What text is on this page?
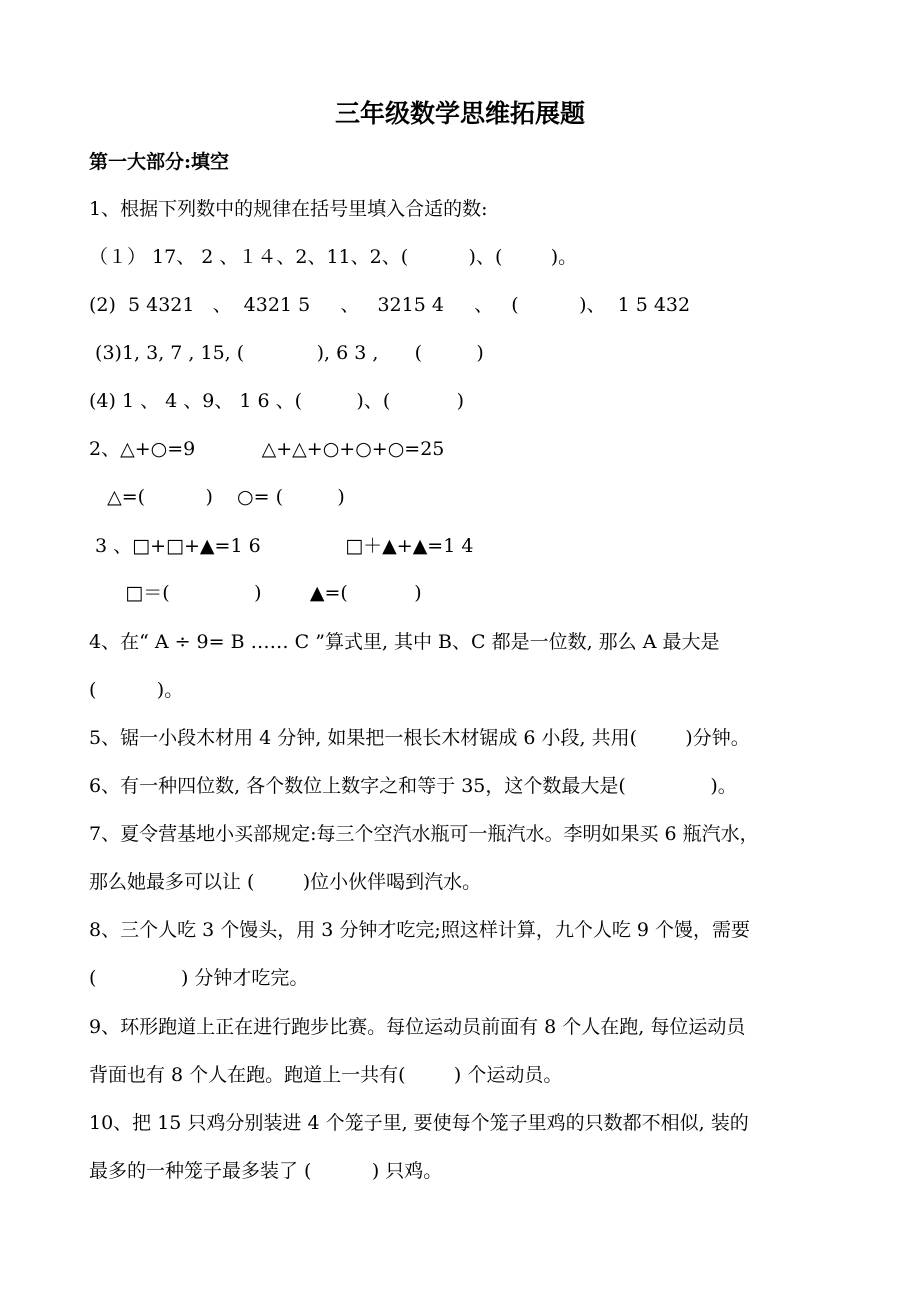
三年级数学思维拓展题
第一大部分:填空
1、根据下列数中的规律在括号里填入合适的数:
（１） 17、 2 、１４、2、11、2、(          )、(        )。
(2)  5 4321   、  4321 5     、   3215 4     、   (          )、  1 5 432
(3)1, 3, 7 , 15, (            ), 6 3 ,      (         )
(4) 1 、 4 、9、 1 6 、(         )、(           )
2、△+○=9           △+△+○+○+○=25
△=(          )    ○= (         )
3 、□+□+▲=1 6              □＋▲+▲=1 4
□＝(              )        ▲=(           )
4、在“ A ÷ 9= B …… C ”算式里, 其中 B、C 都是一位数, 那么 A 最大是
(          )。
5、锯一小段木材用 4 分钟, 如果把一根长木材锯成 6 小段, 共用(        )分钟。
6、有一种四位数, 各个数位上数字之和等于 35，这个数最大是(              )。
7、夏令营基地小买部规定:每三个空汽水瓶可一瓶汽水。李明如果买 6 瓶汽水，
那么她最多可以让 (        )位小伙伴喝到汽水。
8、三个人吃 3 个馒头，用 3 分钟才吃完;照这样计算，九个人吃 9 个馒，需要
(              ) 分钟才吃完。
9、环形跑道上正在进行跑步比赛。每位运动员前面有 8 个人在跑, 每位运动员
背面也有 8 个人在跑。跑道上一共有(        ) 个运动员。
10、把 15 只鸡分别装进 4 个笼子里, 要使每个笼子里鸡的只数都不相似, 装的
最多的一种笼子最多装了 (          ) 只鸡。
